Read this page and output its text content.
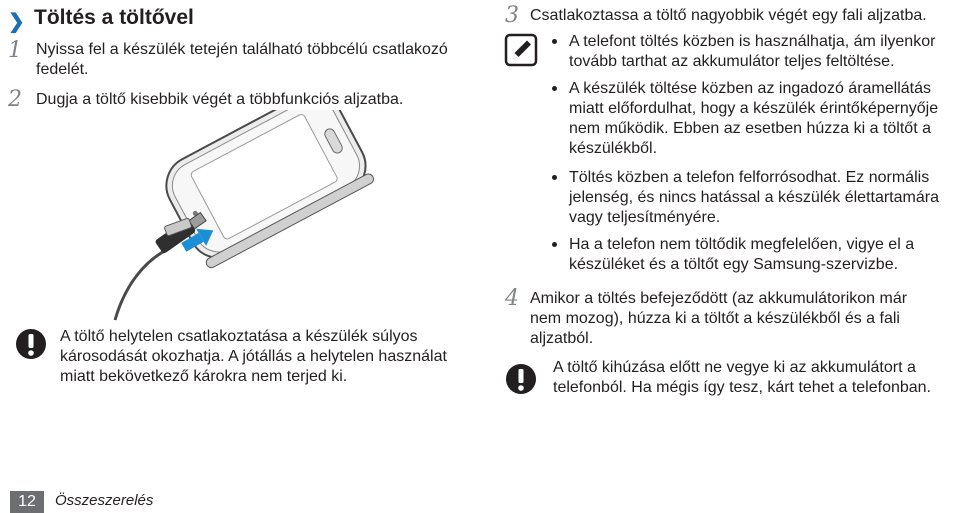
❯ Töltés a töltővel
1 Nyissa fel a készülék tetején található többcélú csatlakozó fedelét.
2 Dugja a töltő kisebbik végét a többfunkciós aljzatba.
A töltő helytelen csatlakoztatása a készülék súlyos károsodását okozhatja. A jótállás a helytelen használat miatt bekövetkező károkra nem terjed ki.
3 Csatlakoztassa a töltő nagyobbik végét egy fali aljzatba.
A telefont töltés közben is használhatja, ám ilyenkor tovább tarthat az akkumulátor teljes feltöltése.
A készülék töltése közben az ingadozó áramellátás miatt előfordulhat, hogy a készülék érintőképernyője nem működik. Ebben az esetben húzza ki a töltőt a készülékből.
Töltés közben a telefon felforrósodhat. Ez normális jelenség, és nincs hatással a készülék élettartamára vagy teljesítményére.
Ha a telefon nem töltődik megfelelően, vigye el a készüléket és a töltőt egy Samsung-szervizbe.
4 Amikor a töltés befejeződött (az akkumulátorikon már nem mozog), húzza ki a töltőt a készülékből és a fali aljzatból.
A töltő kihúzása előtt ne vegye ki az akkumulátort a telefonból. Ha mégis így tesz, kárt tehet a telefonban.
12	Összeszerelés
